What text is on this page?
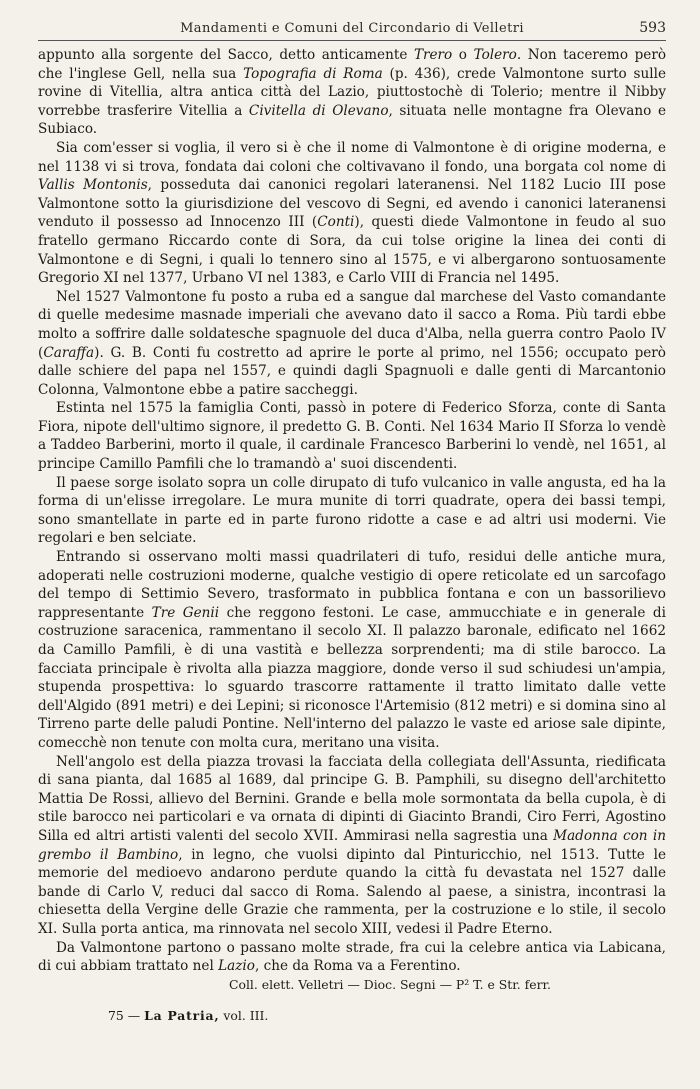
Mandamenti e Comuni del Circondario di Velletri	593

appunto alla sorgente del Sacco, detto anticamente Trero o Tolero. Non taceremo però che l'inglese Gell, nella sua Topografia di Roma (p. 436), crede Valmontone surto sulle rovine di Vitellia, altra antica città del Lazio, piuttostochè di Tolerio; mentre il Nibby vorrebbe trasferire Vitellia a Civitella di Olevano, situata nelle montagne fra Olevano e Subiaco.

Sia com'esser si voglia, il vero si è che il nome di Valmontone è di origine moderna, e nel 1138 vi si trova, fondata dai coloni che coltivavano il fondo, una borgata col nome di Vallis Montonis, posseduta dai canonici regolari lateranensi. Nel 1182 Lucio III pose Valmontone sotto la giurisdizione del vescovo di Segni, ed avendo i canonici lateranensi venduto il possesso ad Innocenzo III (Conti), questi diede Valmontone in feudo al suo fratello germano Riccardo conte di Sora, da cui tolse origine la linea dei conti di Valmontone e di Segni, i quali lo tennero sino al 1575, e vi albergarono sontuosamente Gregorio XI nel 1377, Urbano VI nel 1383, e Carlo VIII di Francia nel 1495.

Nel 1527 Valmontone fu posto a ruba ed a sangue dal marchese del Vasto comandante di quelle medesime masnade imperiali che avevano dato il sacco a Roma. Più tardi ebbe molto a soffrire dalle soldatesche spagnuole del duca d'Alba, nella guerra contro Paolo IV (Caraffa). G. B. Conti fu costretto ad aprire le porte al primo, nel 1556; occupato però dalle schiere del papa nel 1557, e quindi dagli Spagnuoli e dalle genti di Marcantonio Colonna, Valmontone ebbe a patire saccheggi.

Estinta nel 1575 la famiglia Conti, passò in potere di Federico Sforza, conte di Santa Fiora, nipote dell'ultimo signore, il predetto G. B. Conti. Nel 1634 Mario II Sforza lo vendè a Taddeo Barberini, morto il quale, il cardinale Francesco Barberini lo vendè, nel 1651, al principe Camillo Pamfili che lo tramandò a' suoi discendenti.

Il paese sorge isolato sopra un colle dirupato di tufo vulcanico in valle angusta, ed ha la forma di un'elisse irregolare. Le mura munite di torri quadrate, opera dei bassi tempi, sono smantellate in parte ed in parte furono ridotte a case e ad altri usi moderni. Vie regolari e ben selciate.

Entrando si osservano molti massi quadrilateri di tufo, residui delle antiche mura, adoperati nelle costruzioni moderne, qualche vestigio di opere reticolate ed un sarcofago del tempo di Settimio Severo, trasformato in pubblica fontana e con un bassorilievo rappresentante Tre Genii che reggono festoni. Le case, ammucchiate e in generale di costruzione saracenica, rammentano il secolo XI. Il palazzo baronale, edificato nel 1662 da Camillo Pamfili, è di una vastità e bellezza sorprendenti; ma di stile barocco. La facciata principale è rivolta alla piazza maggiore, donde verso il sud schiudesi un'ampia, stupenda prospettiva: lo sguardo trascorre rattamente il tratto limitato dalle vette dell'Algido (891 metri) e dei Lepini; si riconosce l'Artemisio (812 metri) e si domina sino al Tirreno parte delle paludi Pontine. Nell'interno del palazzo le vaste ed ariose sale dipinte, comecchè non tenute con molta cura, meritano una visita.

Nell'angolo est della piazza trovasi la facciata della collegiata dell'Assunta, riedificata di sana pianta, dal 1685 al 1689, dal principe G. B. Pamphili, su disegno dell'architetto Mattia De Rossi, allievo del Bernini. Grande e bella mole sormontata da bella cupola, è di stile barocco nei particolari e va ornata di dipinti di Giacinto Brandi, Ciro Ferri, Agostino Silla ed altri artisti valenti del secolo XVII. Ammirasi nella sagrestia una Madonna con in grembo il Bambino, in legno, che vuolsi dipinto dal Pinturicchio, nel 1513. Tutte le memorie del medioevo andarono perdute quando la città fu devastata nel 1527 dalle bande di Carlo V, reduci dal sacco di Roma. Salendo al paese, a sinistra, incontrasi la chiesetta della Vergine delle Grazie che rammenta, per la costruzione e lo stile, il secolo XI. Sulla porta antica, ma rinnovata nel secolo XIII, vedesi il Padre Eterno.

Da Valmontone partono o passano molte strade, fra cui la celebre antica via Labicana, di cui abbiam trattato nel Lazio, che da Roma va a Ferentino.

Coll. elett. Velletri — Dioc. Segni — P² T. e Str. ferr.
75 — La Patria, vol. III.
